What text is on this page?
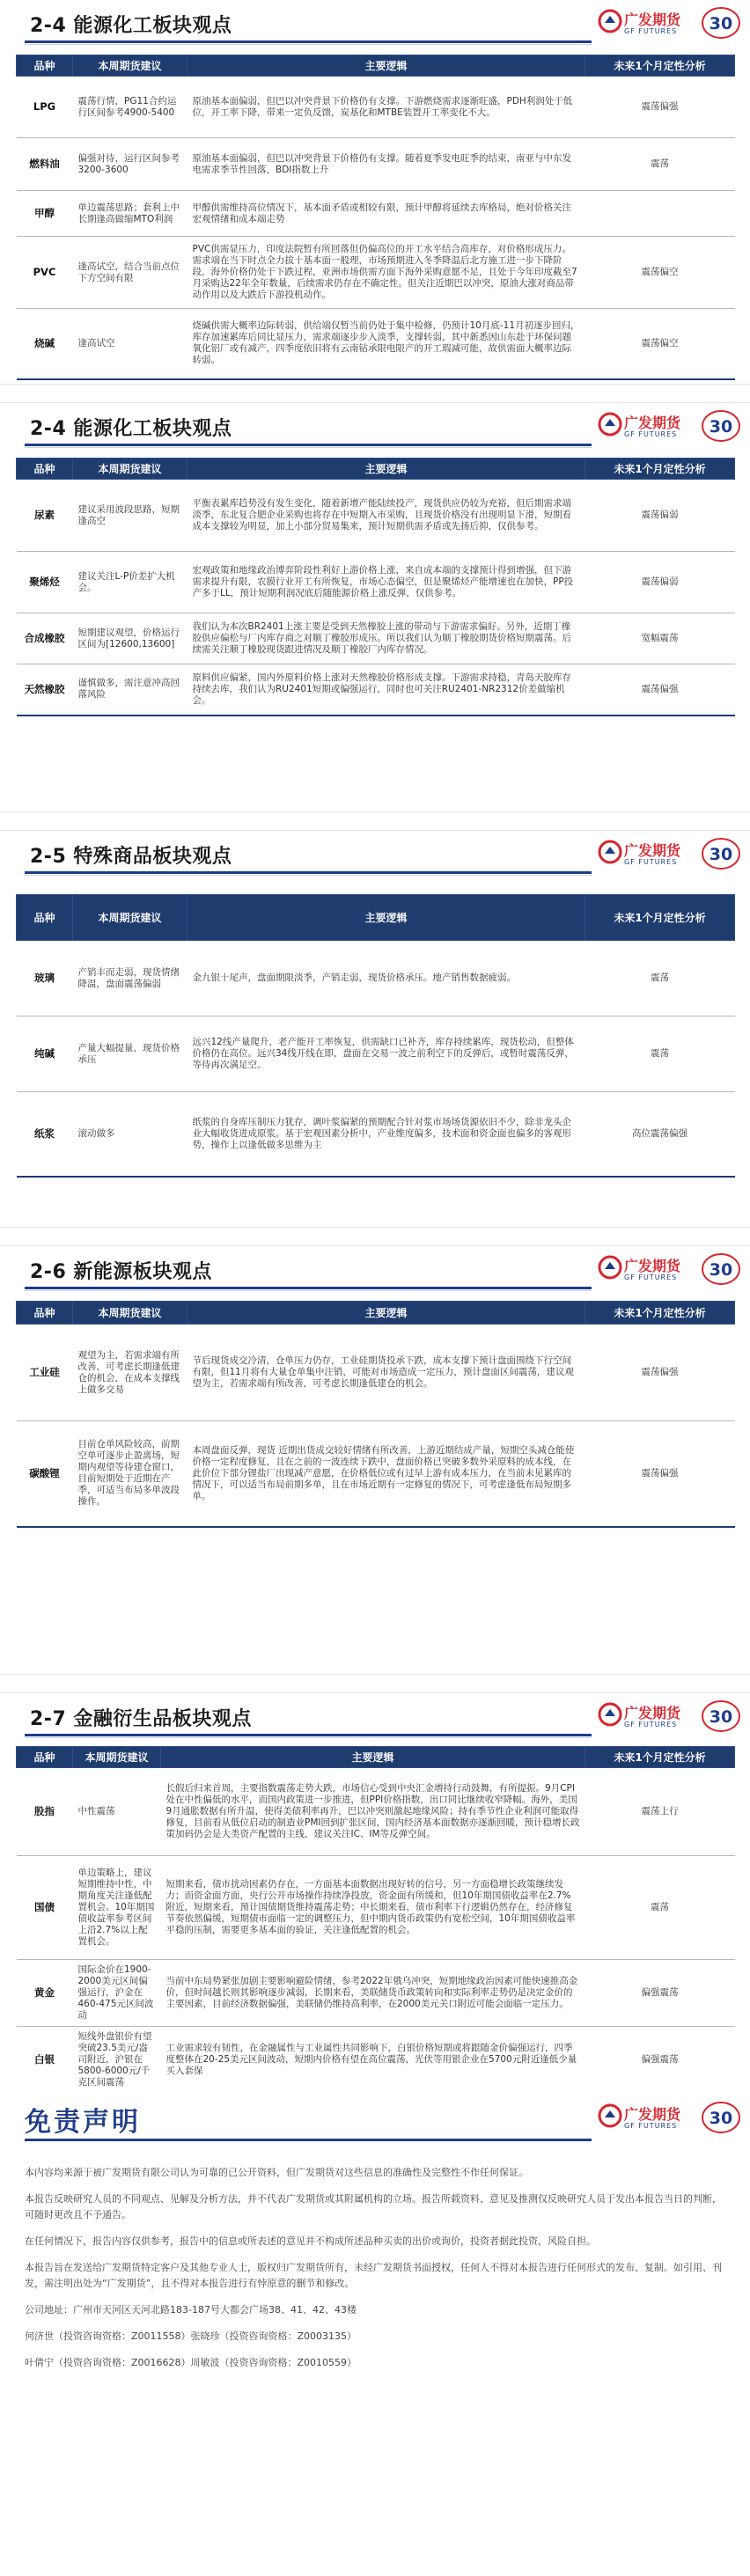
2-4 能源化工板块观点	广发期货
GF FUTURES 30
品种	本周期货建议	主要逻辑	未来1个月定性分析
LPG	震荡行情，PG11合约运行区间参考4900-5400	原油基本面偏弱，但巴以冲突背景下价格仍有支撑。下游燃烧需求逐渐旺盛，PDH利润处于低位，开工率下降，带来一定负反馈，炭基化和MTBE装置开工率变化不大。	震荡偏强
燃料油	偏强对待，运行区间参考3200-3600	原油基本面偏弱，但巴以冲突背景下价格仍有支撑。随着夏季发电旺季的结束，南亚与中东发电需求季节性回落，BDI指数上升	震荡
甲醇	单边震荡思路；套利上中长期逢高做缩MTO利润	甲醇供需维持高位情况下，基本面矛盾或相较有限，预计甲醇将延续去库格局，绝对价格关注宏观情绪和成本端走势	
PVC	逢高试空，结合当前点位下方空间有限	PVC供需显压力，印度法院暂有所回落但仍偏高位的开工水平结合高库存，对价格形成压力。需求端在当下时点全力拔十基本面一般理，市场预期进入冬季降温后北方施工进一步下降阶段，海外价格仍处于下跌过程，亚洲市场供需方面下海外采购意愿不足，且处于今年印度截至7月采购达22年全年数量，后续需求仍存在不确定性。但关注近期巴以冲突，原油大涨对商品带动作用以及大跌后下游投机动作。	震荡偏空
烧碱	逢高试空	烧碱供需大概率边际转弱，供给端仅暂当前仍处于集中检修，仍预计10月底-11月初逐步回归，库存加速累库后同比显压力，需求端逐步步入淡季，支撑转弱，其中新悉因山东赴于环保问题氧化铝厂或有减产，四季度依旧将有云南钻承限电限产的开工瑕减可能，故供需面大概率边际转弱。	震荡偏空
2-4 能源化工板块观点	广发期货
GF FUTURES 30
品种	本周期货建议	主要逻辑	未来1个月定性分析
尿素	建议采用波段思路，短期逢高空	平衡表累库趋势没有发生变化，随着新增产能陆续投产，现货供应仍较为充裕，但后期需求端淡季，东北复合肥企业采购也将存在中短期入市采购，且现货价格没有出现明显下滑，短期看成本支撑较为明显，加上小部分贸易集来，预计短期供需矛盾或先扬后抑，仅供参考。	震荡偏弱
聚烯烃	建议关注L-P价差扩大机会。	宏观政策和地缘政治博弈阶段性利好上游价格上涨，来自成本端的支撑预计得到增强，但下游需求提升有限，农膜行业开工有所恢复，市场心态偏空，但是聚烯烃产能增速也在加快，PP投产多于LL，预计短期利润况底后随能源价格上涨反弹，仅供参考。	震荡偏弱
合成橡胶	短期建议观望，价格运行区间为[12600,13600]	我们认为本次BR2401上涨主要是受到天然橡胶上涨的带动与下游需求偏好。另外，近期丁橡胶供应偏松与厂内库存商之对顺丁橡胶形成压。所以我们认为顺丁橡胶期货价格短期震荡。后续需关注顺丁橡胶现货跟进情况及顺丁橡胶厂内库存情况。	宽幅震荡
天然橡胶	谨慎做多，需注意冲高回落风险	原料供应偏紧，国内外原料价格上涨对天然橡胶价格形成支撑。下游需求持稳，青岛天胶库存持续去库，我们认为RU2401短期或偏强运行，同时也可关注RU2401-NR2312价差做缩机会。	震荡偏强
2-5 特殊商品板块观点	广发期货
GF FUTURES 30
品种	本周期货建议	主要逻辑	未来1个月定性分析
玻璃	产销丰而走弱，现货情绪降温，盘面震荡偏弱	金九银十尾声，盘面期限淡季，产销走弱，现货价格承压。地产销售数据疲弱。	震荡
纯碱	产量大幅提量，现货价格承压	远兴12线产量爬升，老产能开工率恢复，供需缺口已补齐，库存持续累库，现货松动，但整体价格仍在高位。远兴34线开线在即，盘面在交易一波之前利空下的反弹后，或暂时震荡反弹，等待再次满足空。	震荡
纸浆	滚动做多	纸浆的自身库压制压力犹存，调叶浆偏紧的预期配合针对浆市场场货源依旧不少，除非龙头企业大幅收货进成原浆。基于宏观因素分析中，产业维度偏多，技术面和资金面也偏多的客观形势，操作上以逢低做多思维为主	高位震荡偏强
2-6 新能源板块观点	广发期货
GF FUTURES 30
品种	本周期货建议	主要逻辑	未来1个月定性分析
工业硅	观望为主，若需求端有所改善，可考虑长期逢低建仓的机会，在成本支撑线上做多交易	节后现货成交冷清，仓单压力仍存，工业硅期货投承下跌，成本支撑下预计盘面围绕下行空间有限，但11月将有大量仓单集中注销，可能对市场造成一定压力，预计盘面区间震荡，建议观望为主，若需求端有所改善，可考虑长期逢低建仓的机会。	震荡偏强
碳酸锂	目前仓单风险较高，前期空单可逐步止盈离场，短期内观望等待建仓窗口，目前短期处于近期在产季，可适当布局多单波段操作。	本周盘面反弹，现货 近期出货成交较好情绪有所改善，上游近期结成产量，短期空头减仓能使价格一定程度修复，且在之前的一波连续下跌中，盘面价格已突破多数外采原料的成本线，在此价位下部分锂盐厂出现减产意愿，在价格低位或有过早上游有成本压力，在当前未见累库的情况下，可以适当布局前期多单，且在市场近期有一定修复的情况下，可考虑逢低布局短期多单。	震荡偏强
2-7 金融衍生品板块观点	广发期货
GF FUTURES 30
品种	本周期货建议	主要逻辑	未来1个月定性分析
股指	中性震荡	长假后归来首周，主要指数震荡走势大跌，市场信心受到中央汇金增持行动鼓舞，有所提振。9月CPI处在中性偏低的水平，而国内政策进一步推进，但PPI价格指数，出口同比继续收窄降幅。海外，美国9月通胀数据有所升温，使得美债利率再升，巴以冲突则激起地缘风险；持有季节性企业利润可能取得修复，目前看从低位启动的制造业PMI回到扩张区间，国内经济基本面数据亦逐渐回暖，预计稳增长政策加码仍会是大类资产配置的主线，建议关注IC、IM等反弹空间。	震荡上行
国债	单边策略上，建议短期维持中性，中期角度关注逢低配置机会。10年期国债收益率参考区间上沿2.7%以上配置机会。	短期来看，债市扰动因素仍存在，一方面基本面数据出现好转的信号，另一方面稳增长政策继续发力；而资金面方面，央行公开市场操作持续净投放，资金面有所缓和，但10年期国债收益率在2.7%附近，短期来看，预计国债期货维持震荡走势；中长期来看，债市利率下行逻辑仍然存在，经济修复节奏依然偏缓，短期债市面临一定的调整压力，但中期内货币政策仍有宽松空间，10年期国债收益率平稳的压制，需要更多基本面的验证，关注逢低配置的机会。	震荡
黄金	国际金价在1900-2000美元区间偏强运行，沪金在460-475元区间波动	当前中东局势紧张加剧主要影响避险情绪，参考2022年俄乌冲突，短期地缘政治因素可能快速推高金价，但时间越长则其影响逐步减弱，长期来看，美联储货币政策转向和实际利率走势仍是决定金价的主要因素，目前经济数据偏强，美联储仍维持高利率，在2000美元关口附近可能会面临一定压力。	偏强震荡
白银	短线外盘银价有望突破23.5美元/盎司附近，沪银在5800-6000元/千克区间震荡	工业需求较有韧性，在金融属性与工业属性共同影响下，白银价格短期或将跟随金价偏强运行，四季度整体在20-25美元区间波动，短期内价格有望在高位震荡，光伏等用银企业在5700元附近逢低少量买入套保	偏强震荡
免责声明	广发期货
GF FUTURES 30

本内容均来源于被广发期货有限公司认为可靠的已公开资料，但广发期货对这些信息的准确性及完整性不作任何保证。

本报告反映研究人员的不同观点、见解及分析方法，并不代表广发期货或其附属机构的立场。报告所载资料、意见及推测仅反映研究人员于发出本报告当日的判断，可随时更改且不予通告。

在任何情况下，报告内容仅供参考，报告中的信息或所表述的意见并不构成所述品种买卖的出价或询价，投资者据此投资，风险自担。

本报告旨在发送给广发期货特定客户及其他专业人士，版权归广发期货所有，未经广发期货书面授权，任何人不得对本报告进行任何形式的发布、复制。如引用、刊发，需注明出处为“广发期货”，且不得对本报告进行有悖原意的删节和修改。

公司地址：广州市天河区天河北路183-187号大都会广场38、41、42、43楼

何济世（投资咨询资格：Z0011558）张晓珍（投资咨询资格：Z0003135）

叶倩宁（投资咨询资格：Z0016628）周敏波（投资咨询资格：Z0010559）
